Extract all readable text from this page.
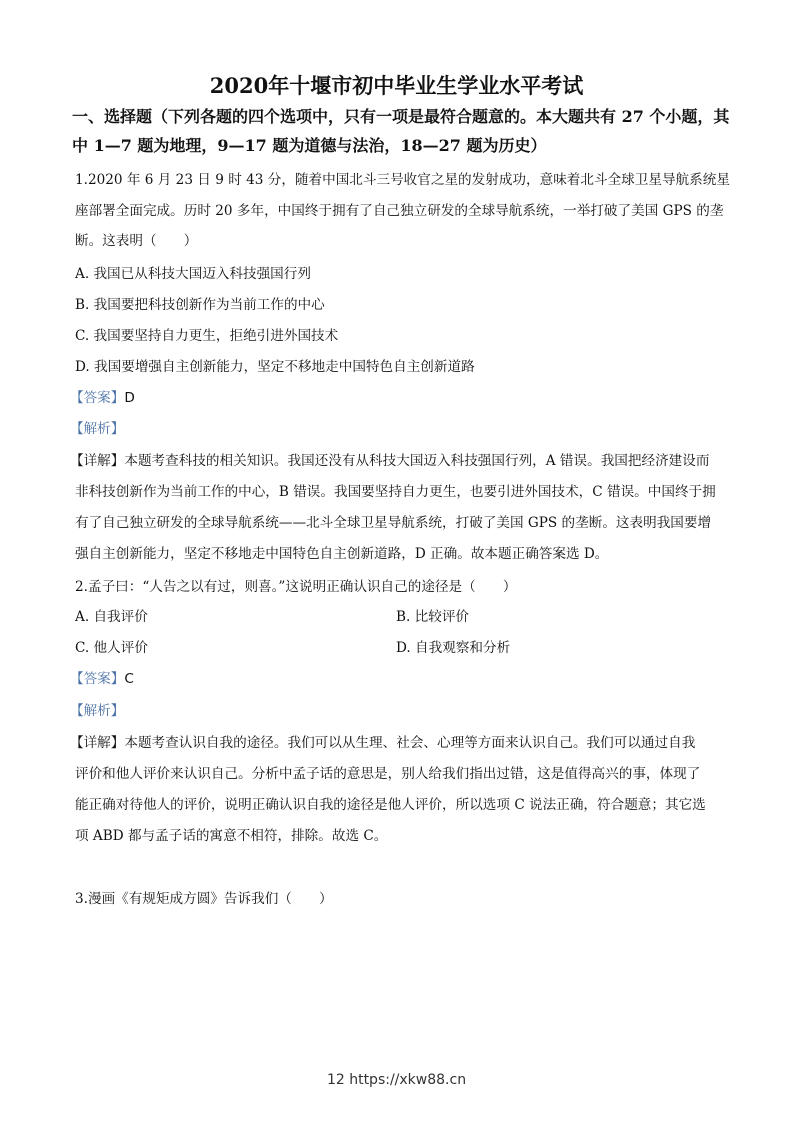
2020年十堰市初中毕业生学业水平考试
一、选择题（下列各题的四个选项中，只有一项是最符合题意的。本大题共有 27 个小题，其
中 1—7 题为地理，9—17 题为道德与法治，18—27 题为历史）
1.2020 年 6 月 23 日 9 时 43 分，随着中国北斗三号收官之星的发射成功，意味着北斗全球卫星导航系统星
座部署全面完成。历时 20 多年，中国终于拥有了自己独立研发的全球导航系统，一举打破了美国 GPS 的垄
断。这表明（　　）
A. 我国已从科技大国迈入科技强国行列
B. 我国要把科技创新作为当前工作的中心
C. 我国要坚持自力更生，拒绝引进外国技术
D. 我国要增强自主创新能力，坚定不移地走中国特色自主创新道路
【答案】D
【解析】
【详解】本题考查科技的相关知识。我国还没有从科技大国迈入科技强国行列，A 错误。我国把经济建设而
非科技创新作为当前工作的中心，B 错误。我国要坚持自力更生，也要引进外国技术，C 错误。中国终于拥
有了自己独立研发的全球导航系统——北斗全球卫星导航系统，打破了美国 GPS 的垄断。这表明我国要增
强自主创新能力，坚定不移地走中国特色自主创新道路，D 正确。故本题正确答案选 D。
2.孟子曰：“人告之以有过，则喜。”这说明正确认识自己的途径是（　　）
A. 自我评价	B. 比较评价
C. 他人评价	D. 自我观察和分析
【答案】C
【解析】
【详解】本题考查认识自我的途径。我们可以从生理、社会、心理等方面来认识自己。我们可以通过自我
评价和他人评价来认识自己。分析中孟子话的意思是，别人给我们指出过错，这是值得高兴的事，体现了
能正确对待他人的评价，说明正确认识自我的途径是他人评价，所以选项 C 说法正确，符合题意；其它选
项 ABD 都与孟子话的寓意不相符，排除。故选 C。
3.漫画《有规矩成方圆》告诉我们（　　）
12 https://xkw88.cn
